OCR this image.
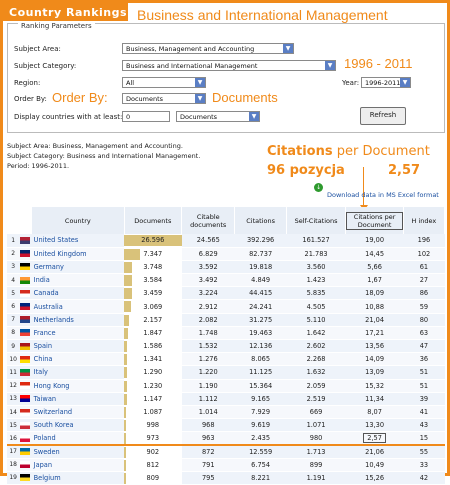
Country Rankings Business and International Management
Ranking Parameters
Subject Area:	Business, Management and Accounting	▼
Subject Category:	Business and International Management	▼ 1996 - 2011
Region:	All	▼	Year: 1996-2011 ▼
Order By: Order By:	Documents	▼ Documents
Display countries with at least: 0	Documents	▼	Refresh
Subject Area: Business, Management and Accounting.
Subject Category: Business and International Management.
Period: 1996-2011.
Citations per Document
96 pozycja	2,57
↓
Download data in MS Excel format
		Country	Documents	Citable documents	Citations	Self-Citations	Citations per Document	H index
1		United States	26.596	24.565	392.296	161.527	19,00	196
2		United Kingdom	7.347	6.829	82.737	21.783	14,45	102
3		Germany	3.748	3.592	19.818	3.560	5,66	61
4		India	3.584	3.492	4.849	1.423	1,67	27
5		Canada	3.459	3.224	44.415	5.835	18,09	86
6		Australia	3.069	2.912	24.241	4.505	10,88	59
7		Netherlands	2.157	2.082	31.275	5.110	21,04	80
8		France	1.847	1.748	19.463	1.642	17,21	63
9		Spain	1.586	1.532	12.136	2.602	13,56	47
10		China	1.341	1.276	8.065	2.268	14,09	36
11		Italy	1.290	1.220	11.125	1.632	13,09	51
12		Hong Kong	1.230	1.190	15.364	2.059	15,32	51
13		Taiwan	1.147	1.112	9.165	2.519	11,34	39
14		Switzerland	1.087	1.014	7.929	669	8,07	41
15		South Korea	998	968	9.619	1.071	13,30	43
16		Poland	973	963	2.435	980	2,57	15
17		Sweden	902	872	12.559	1.713	21,06	55
18		Japan	812	791	6.754	899	10,49	33
19		Belgium	809	795	8.221	1.191	15,26	42
